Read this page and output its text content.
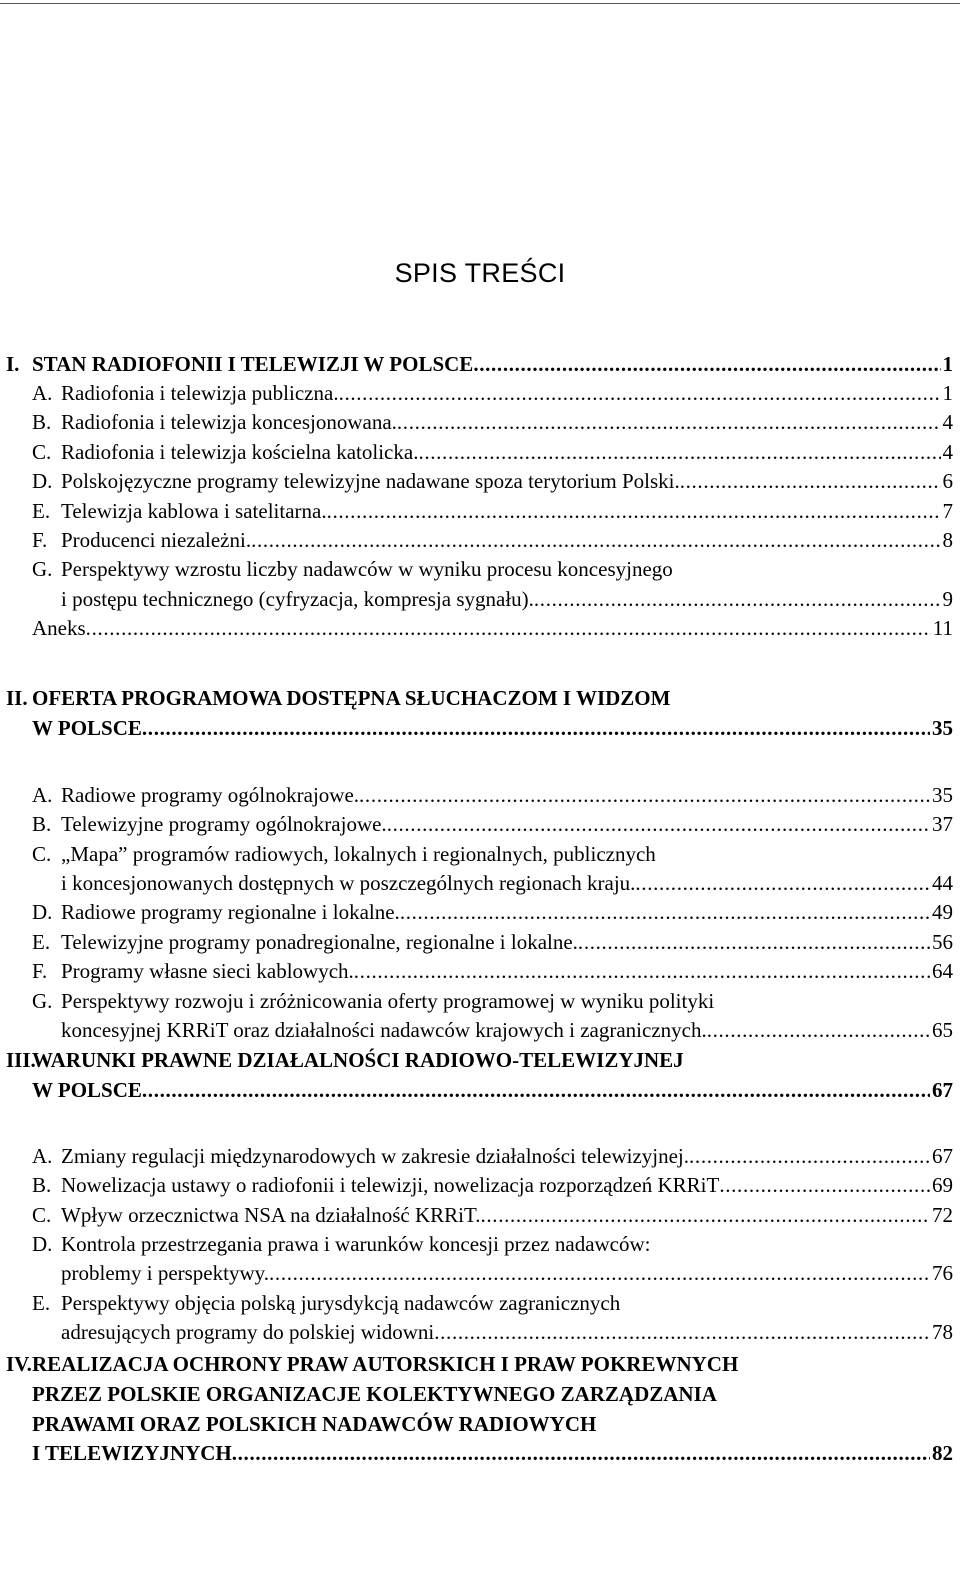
SPIS TREŚCI
I. STAN RADIOFONII I TELEWIZJI W POLSCE . . .	1
A. Radiofonia i telewizja publiczna. . . .	1
B. Radiofonia i telewizja koncesjonowana. . . .	4
C. Radiofonia i telewizja kościelna katolicka. . . .	4
D. Polskojęzyczne programy telewizyjne nadawane spoza terytorium Polski. . . .	6
E. Telewizja kablowa i satelitarna. . . .	7
F. Producenci niezależni. . . .	8
G. Perspektywy wzrostu liczby nadawców w wyniku procesu koncesyjnego
i postępu technicznego (cyfryzacja, kompresja sygnału). . . .	9
Aneks . . .	11
II. OFERTA PROGRAMOWA DOSTĘPNA SŁUCHACZOM I WIDZOM
W POLSCE . . .	35
A. Radiowe programy ogólnokrajowe. . . .	35
B. Telewizyjne programy ogólnokrajowe. . . .	37
C. „Mapa” programów radiowych, lokalnych i regionalnych, publicznych
i koncesjonowanych dostępnych w poszczególnych regionach kraju. . . .	44
D. Radiowe programy regionalne i lokalne. . . .	49
E. Telewizyjne programy ponadregionalne, regionalne i lokalne. . . .	56
F. Programy własne sieci kablowych. . . .	64
G. Perspektywy rozwoju i zróżnicowania oferty programowej w wyniku polityki
koncesyjnej KRRiT oraz działalności nadawców krajowych i zagranicznych. . . .	65
III.
WARUNKI PRAWNE DZIAŁALNOŚCI RADIOWO-TELEWIZYJNEJ
W POLSCE . . .	67
A. Zmiany regulacji międzynarodowych w zakresie działalności telewizyjnej. . . .	67
B. Nowelizacja ustawy o radiofonii i telewizji, nowelizacja rozporządzeń KRRiT . . .	69
C. Wpływ orzecznictwa NSA na działalność KRRiT. . . .	72
D. Kontrola przestrzegania prawa i warunków koncesji przez nadawców:
problemy i perspektywy. . . .	76
E. Perspektywy objęcia polską jurysdykcją nadawców zagranicznych
adresujących programy do polskiej widowni . . .	78
IV. REALIZACJA OCHRONY PRAW AUTORSKICH I PRAW POKREWNYCH
PRZEZ POLSKIE ORGANIZACJE KOLEKTYWNEGO ZARZĄDZANIA
PRAWAMI ORAZ POLSKICH NADAWCÓW RADIOWYCH
I TELEWIZYJNYCH . . .	82
